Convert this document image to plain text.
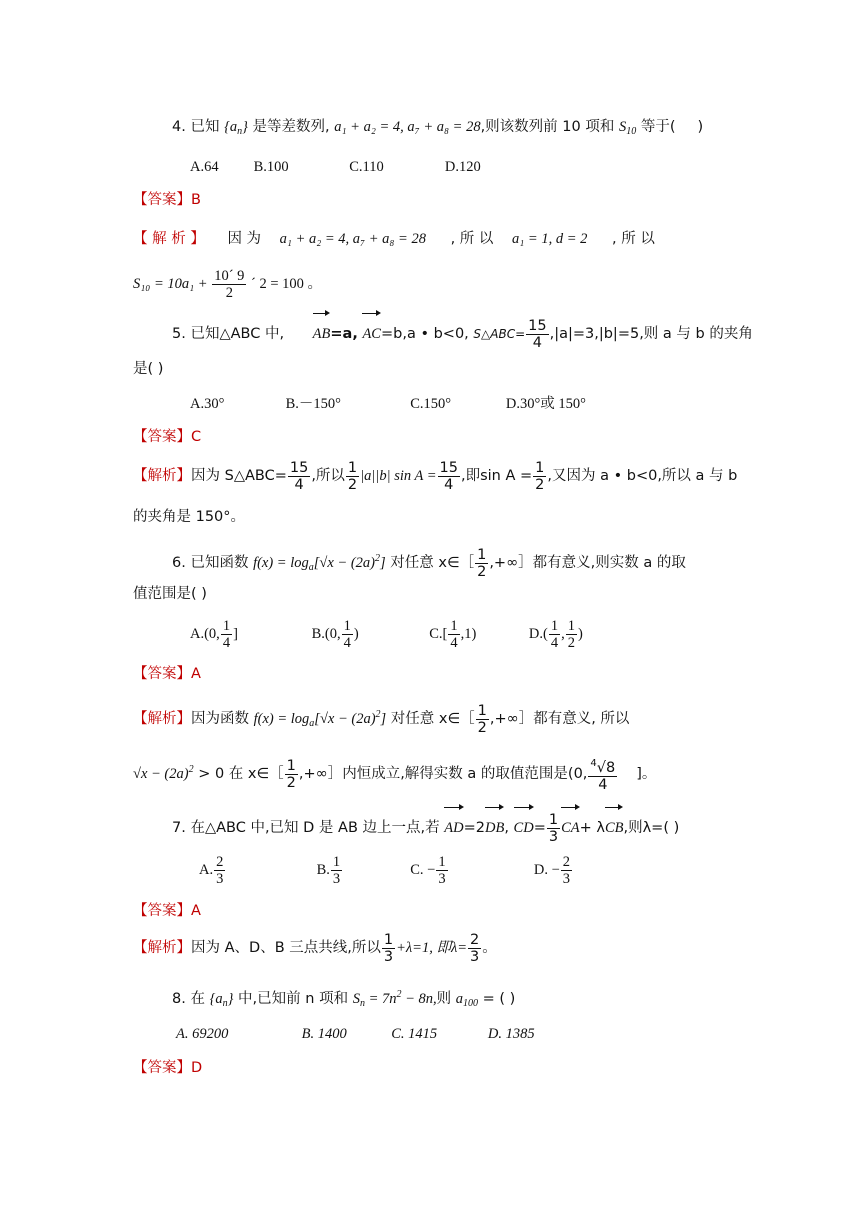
4. 已知 $\{a_n\}$ 是等差数列, a₁ + a₂ = 4, a₇ + a₈ = 28,则该数列前 10 项和 $S_{10}$ 等于( )
A.64 B.100	C.110	D.120
【答案】B
【 解 析 】 因 为 a₁ + a₂ = 4, a₇ + a₈ = 28 , 所 以 a₁ = 1, d = 2 , 所 以
$S_{10} = 10a_1 + \frac{10´ 9}{2}$ ´ 2 = 100 。
5. 已知△ABC 中, AB=a, AC=b,a • b<0, S△ABC= $\frac{15}{4} ,|a|=3,|b|=5$,则 a 与 b 的夹角
是( )
A.30°	B.－150°	C.150°	D.30°或 150°
【答案】C
【解析】因为 S△ABC= $\frac{15}{4}$ ,所以 $\frac{1}{2} |a||b|$ $\sin A = \frac{15}{4}$ ,即$\sin A = \frac{1}{2}$ ,又因为 a • b<0,所以 a 与 b
的夹角是 150°。
6. 已知函数 $f(x) = \log_a[√x - (2a)^2]$ 对任意 x∈［ $\frac{1}{2}$ ,+∞］都有意义,则实数 a 的取
值范围是( )
A.(0, $\frac{1}{4}$ ]	B.(0, $\frac{1}{4}$ )	$C.[ \frac{1}{4} ,1)$	$D.( \frac{1}{4}$ , $\frac{1}{2}$ )
【答案】A
【解析】因为函数 $f(x) = \log_a[√x - (2a)^2]$ 对任意 x∈［ $\frac{1}{2}$ ,+∞］都有意义, 所以
$√x - (2a)^2 > 0$ 在 x∈［ $\frac{1}{2}$ ,+∞］内恒成立,解得实数 a 的取值范围是(0, $\frac{^4√8}{4}$ ]。
7. 在△ABC 中,已知 D 是 AB 边上一点,若 AD=2DB, $CD= \frac{1}{3} CA+ \lambda CB$,则λ=( )
A. $\frac{2}{3}$	B. $\frac{1}{3}$	C. − $\frac{1}{3}$	D. − $\frac{2}{3}$
【答案】A
【解析】因为 A、D、B 三点共线,所以 $\frac{1}{3} +\lambda=1$, 即$\lambda= \frac{2}{3}$ 。
8. 在 $\{a_n\}$ 中,已知前 n 项和 $S_n = 7n^2 - 8n$,则 $a_{100}$ = ( )
A. 69200	B. 1400	C. 1415	D. 1385
【答案】D
